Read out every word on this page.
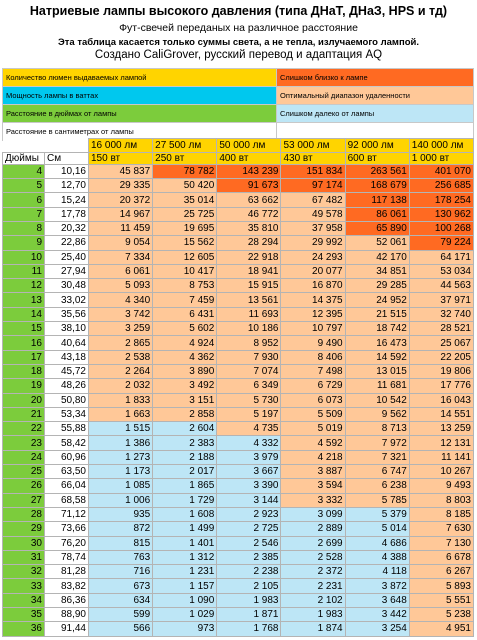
Натриевые лампы высокого давления (типа ДНаТ, ДНаЗ, HPS и тд)
Фут-свечей переданых на различное расстояние
Эта таблица касается только суммы света, а не тепла, излучаемого лампой.
Создано CaliGrover, русский перевод и адаптация AQ
Количество люмен выдаваемых лампой	Слишком близко к лампе
Мощность лампы в ваттах	Оптимальный диапазон удаленности
Расстояние в дюймах от лампы	Слишком далеко от лампы
Расстояние в сантиметрах от лампы	
		16 000 лм	27 500 лм	50 000 лм	53 000 лм	92 000 лм	140 000 лм
Дюймы	См	150 вт	250 вт	400 вт	430 вт	600 вт	1 000 вт
4	10,16	45 837	78 782	143 239	151 834	263 561	401 070
5	12,70	29 335	50 420	91 673	97 174	168 679	256 685
6	15,24	20 372	35 014	63 662	67 482	117 138	178 254
7	17,78	14 967	25 725	46 772	49 578	86 061	130 962
8	20,32	11 459	19 695	35 810	37 958	65 890	100 268
9	22,86	9 054	15 562	28 294	29 992	52 061	79 224
10	25,40	7 334	12 605	22 918	24 293	42 170	64 171
11	27,94	6 061	10 417	18 941	20 077	34 851	53 034
12	30,48	5 093	8 753	15 915	16 870	29 285	44 563
13	33,02	4 340	7 459	13 561	14 375	24 952	37 971
14	35,56	3 742	6 431	11 693	12 395	21 515	32 740
15	38,10	3 259	5 602	10 186	10 797	18 742	28 521
16	40,64	2 865	4 924	8 952	9 490	16 473	25 067
17	43,18	2 538	4 362	7 930	8 406	14 592	22 205
18	45,72	2 264	3 890	7 074	7 498	13 015	19 806
19	48,26	2 032	3 492	6 349	6 729	11 681	17 776
20	50,80	1 833	3 151	5 730	6 073	10 542	16 043
21	53,34	1 663	2 858	5 197	5 509	9 562	14 551
22	55,88	1 515	2 604	4 735	5 019	8 713	13 259
23	58,42	1 386	2 383	4 332	4 592	7 972	12 131
24	60,96	1 273	2 188	3 979	4 218	7 321	11 141
25	63,50	1 173	2 017	3 667	3 887	6 747	10 267
26	66,04	1 085	1 865	3 390	3 594	6 238	9 493
27	68,58	1 006	1 729	3 144	3 332	5 785	8 803
28	71,12	935	1 608	2 923	3 099	5 379	8 185
29	73,66	872	1 499	2 725	2 889	5 014	7 630
30	76,20	815	1 401	2 546	2 699	4 686	7 130
31	78,74	763	1 312	2 385	2 528	4 388	6 678
32	81,28	716	1 231	2 238	2 372	4 118	6 267
33	83,82	673	1 157	2 105	2 231	3 872	5 893
34	86,36	634	1 090	1 983	2 102	3 648	5 551
35	88,90	599	1 029	1 871	1 983	3 442	5 238
36	91,44	566	973	1 768	1 874	3 254	4 951
